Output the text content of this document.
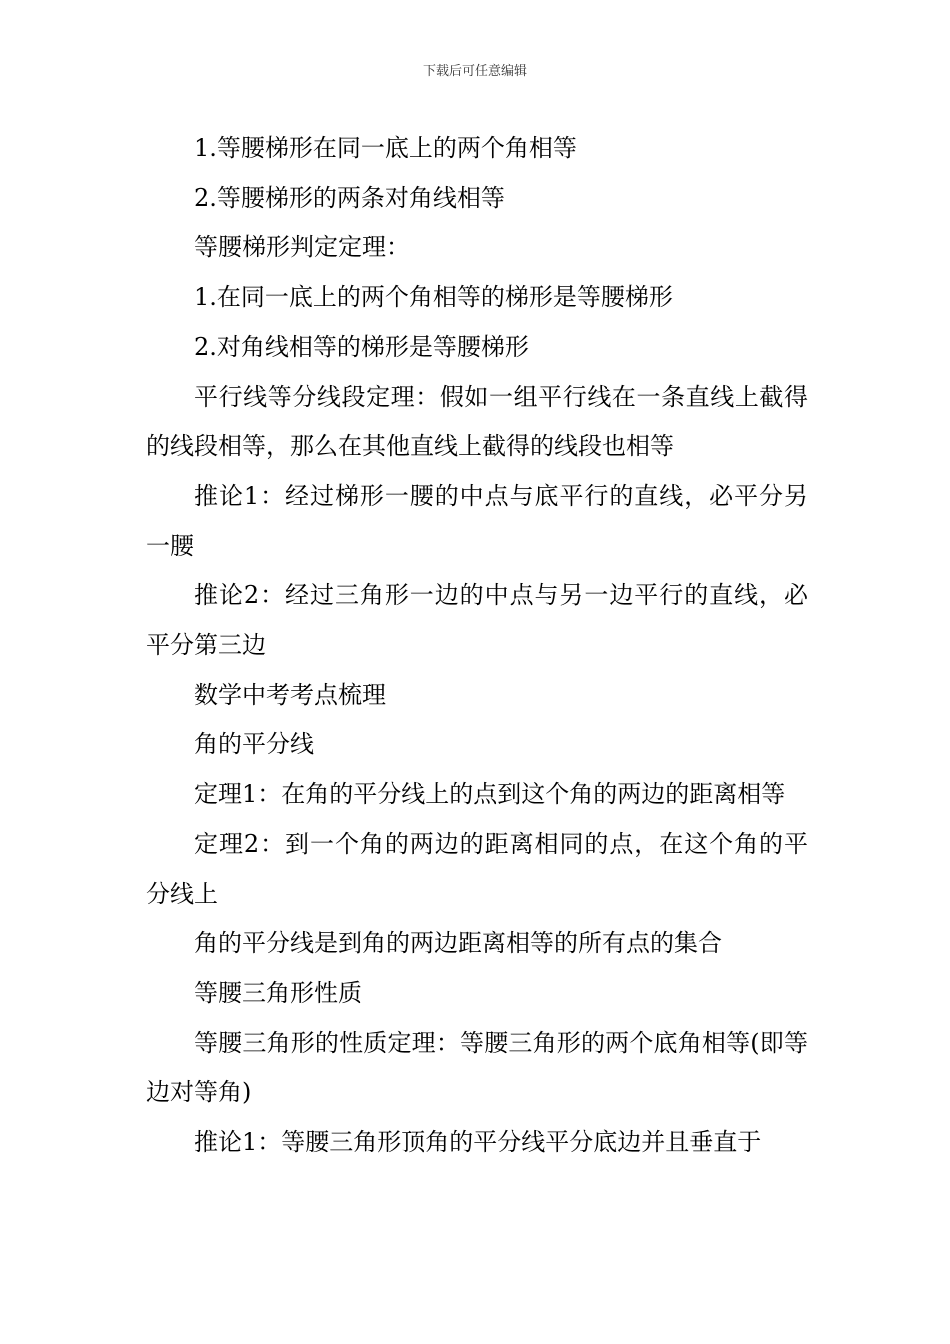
下载后可任意编辑

1.等腰梯形在同一底上的两个角相等

2.等腰梯形的两条对角线相等

等腰梯形判定定理：

1.在同一底上的两个角相等的梯形是等腰梯形

2.对角线相等的梯形是等腰梯形

平行线等分线段定理：假如一组平行线在一条直线上截得的线段相等，那么在其他直线上截得的线段也相等

推论1：经过梯形一腰的中点与底平行的直线，必平分另一腰

推论2：经过三角形一边的中点与另一边平行的直线，必平分第三边

数学中考考点梳理

角的平分线

定理1：在角的平分线上的点到这个角的两边的距离相等

定理2：到一个角的两边的距离相同的点，在这个角的平分线上

角的平分线是到角的两边距离相等的所有点的集合

等腰三角形性质

等腰三角形的性质定理：等腰三角形的两个底角相等(即等边对等角)

推论1：等腰三角形顶角的平分线平分底边并且垂直于
